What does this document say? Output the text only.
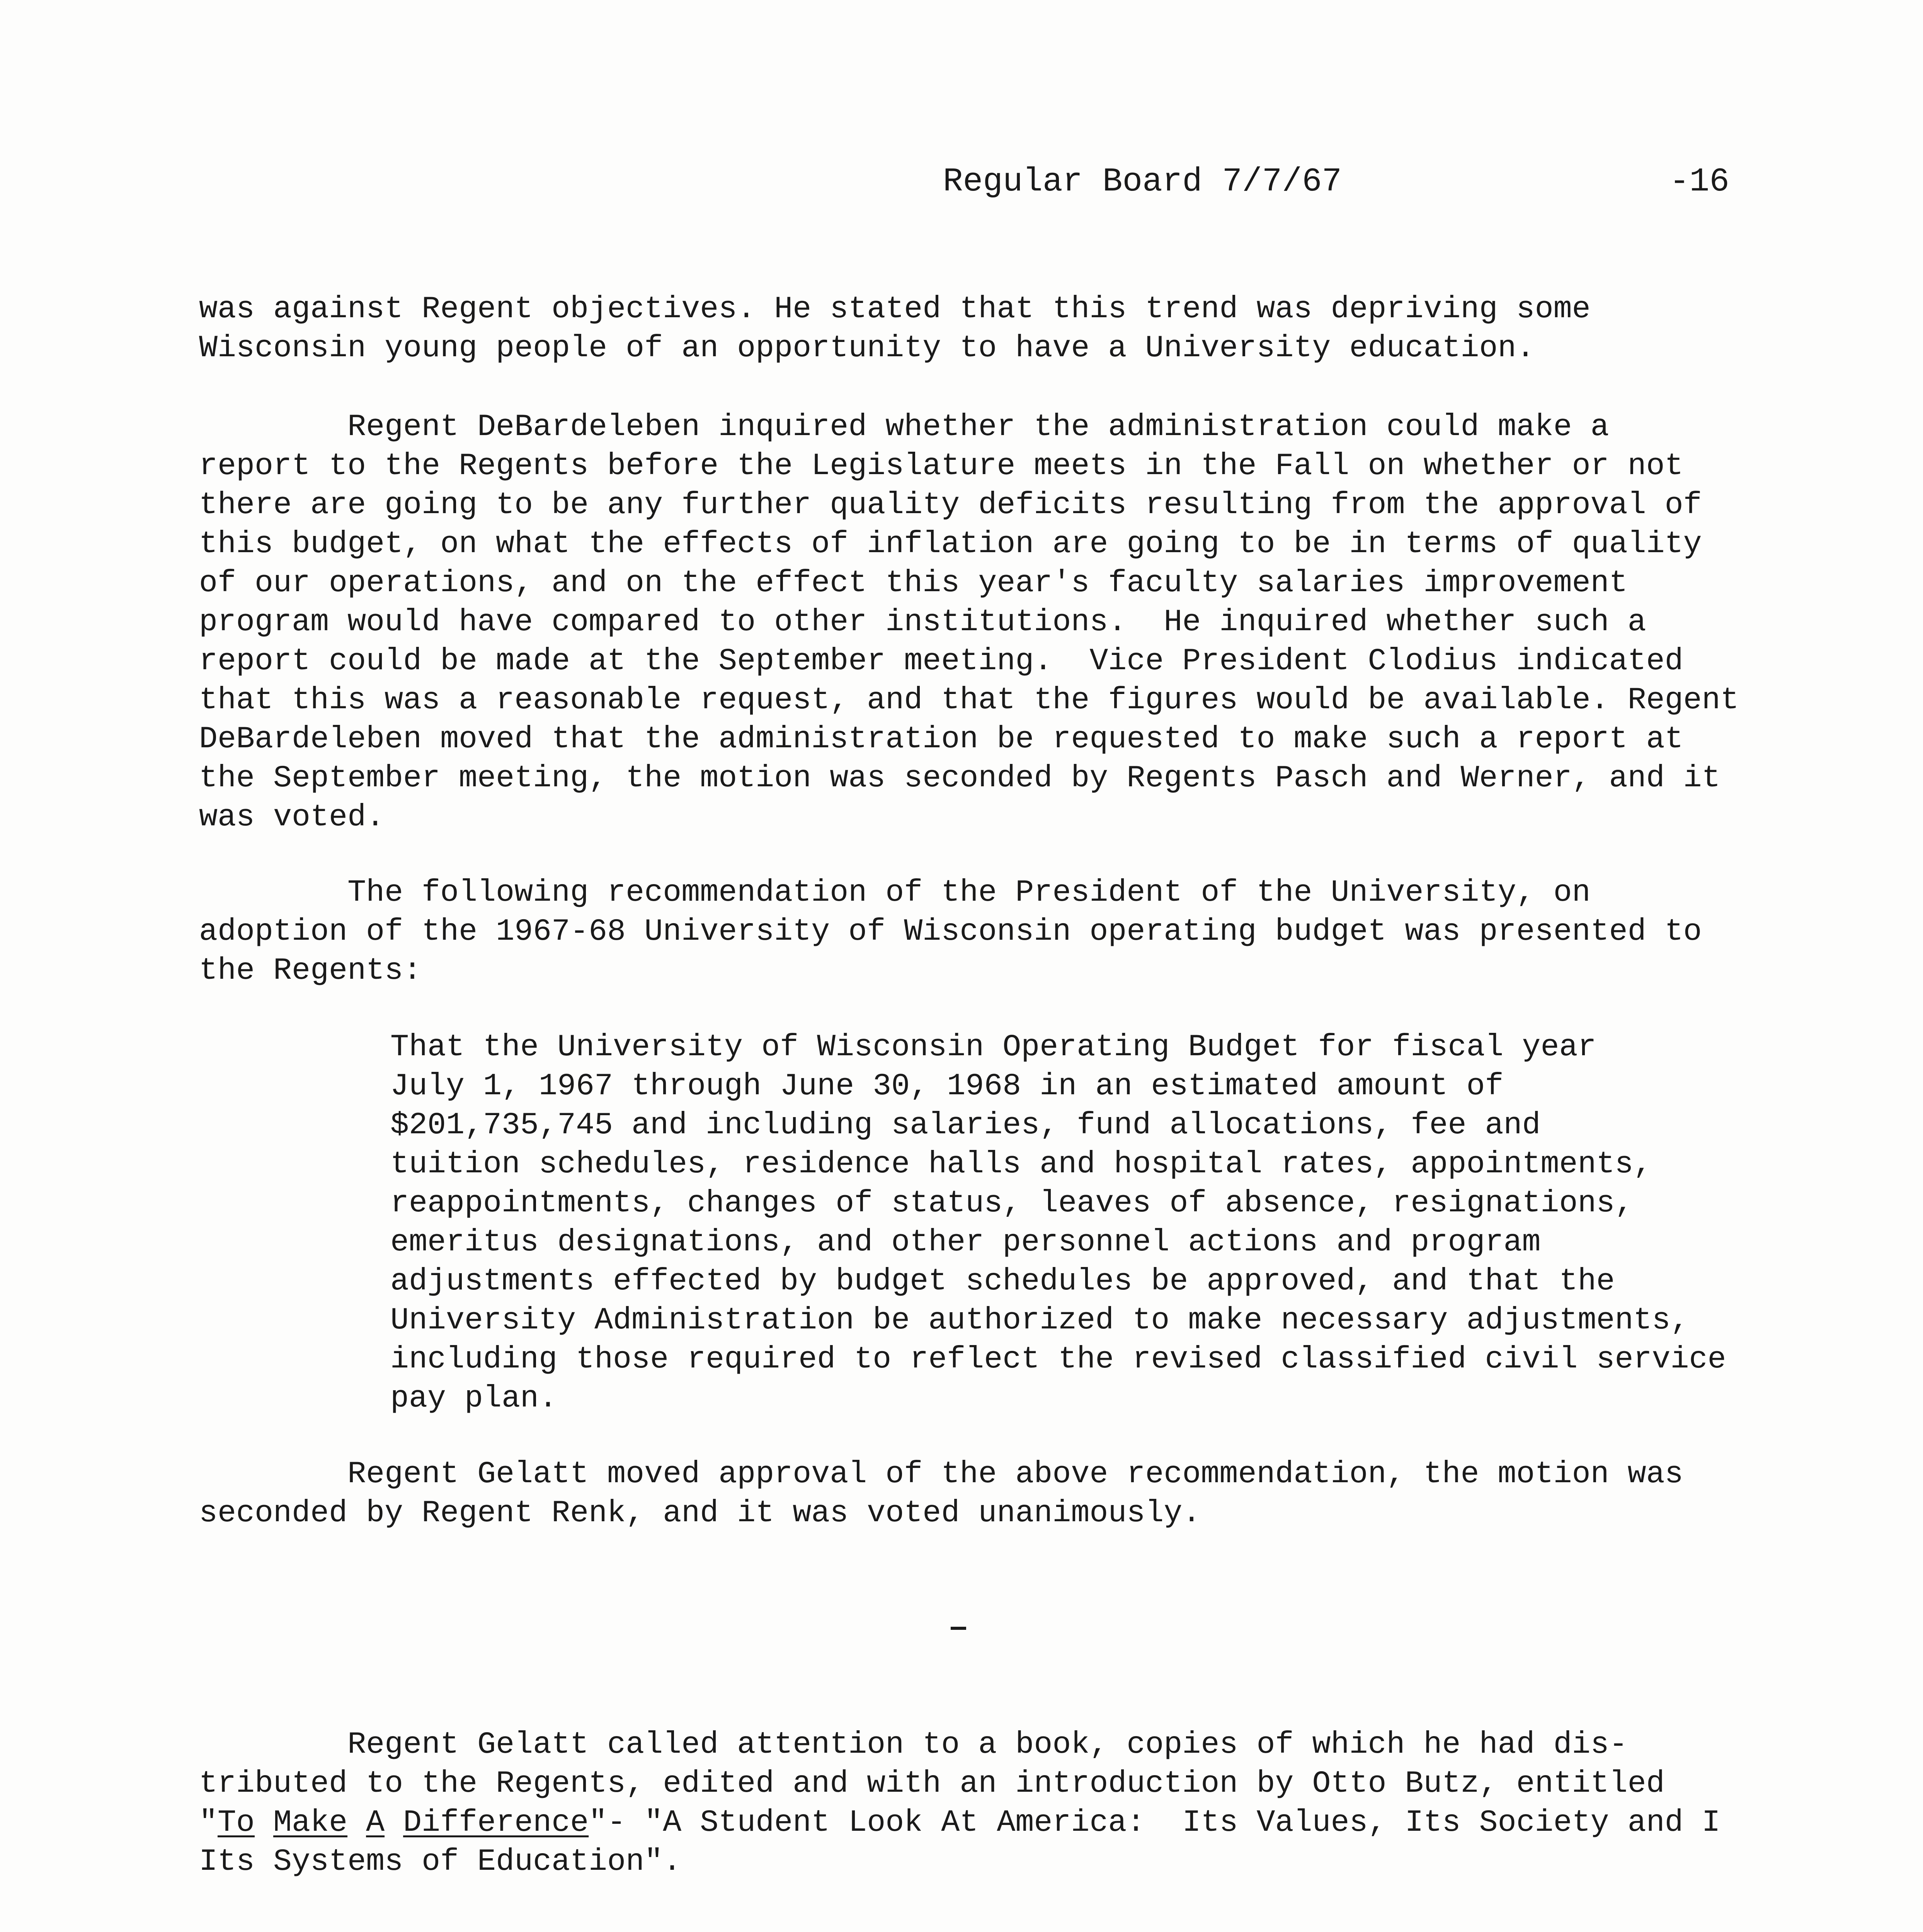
Regular Board 7/7/67	-16
was against Regent objectives. He stated that this trend was depriving some
Wisconsin young people of an opportunity to have a University education.
Regent DeBardeleben inquired whether the administration could make a
report to the Regents before the Legislature meets in the Fall on whether or not
there are going to be any further quality deficits resulting from the approval of
this budget, on what the effects of inflation are going to be in terms of quality
of our operations, and on the effect this year's faculty salaries improvement
program would have compared to other institutions.  He inquired whether such a
report could be made at the September meeting.  Vice President Clodius indicated
that this was a reasonable request, and that the figures would be available. Regent
DeBardeleben moved that the administration be requested to make such a report at
the September meeting, the motion was seconded by Regents Pasch and Werner, and it
was voted.
The following recommendation of the President of the University, on
adoption of the 1967-68 University of Wisconsin operating budget was presented to
the Regents:
That the University of Wisconsin Operating Budget for fiscal year
July 1, 1967 through June 30, 1968 in an estimated amount of
$201,735,745 and including salaries, fund allocations, fee and
tuition schedules, residence halls and hospital rates, appointments,
reappointments, changes of status, leaves of absence, resignations,
emeritus designations, and other personnel actions and program
adjustments effected by budget schedules be approved, and that the
University Administration be authorized to make necessary adjustments,
including those required to reflect the revised classified civil service
pay plan.
Regent Gelatt moved approval of the above recommendation, the motion was
seconded by Regent Renk, and it was voted unanimously.
Regent Gelatt called attention to a book, copies of which he had dis-
tributed to the Regents, edited and with an introduction by Otto Butz, entitled
"To Make A Difference"- "A Student Look At America:  Its Values, Its Society and I
Its Systems of Education".
